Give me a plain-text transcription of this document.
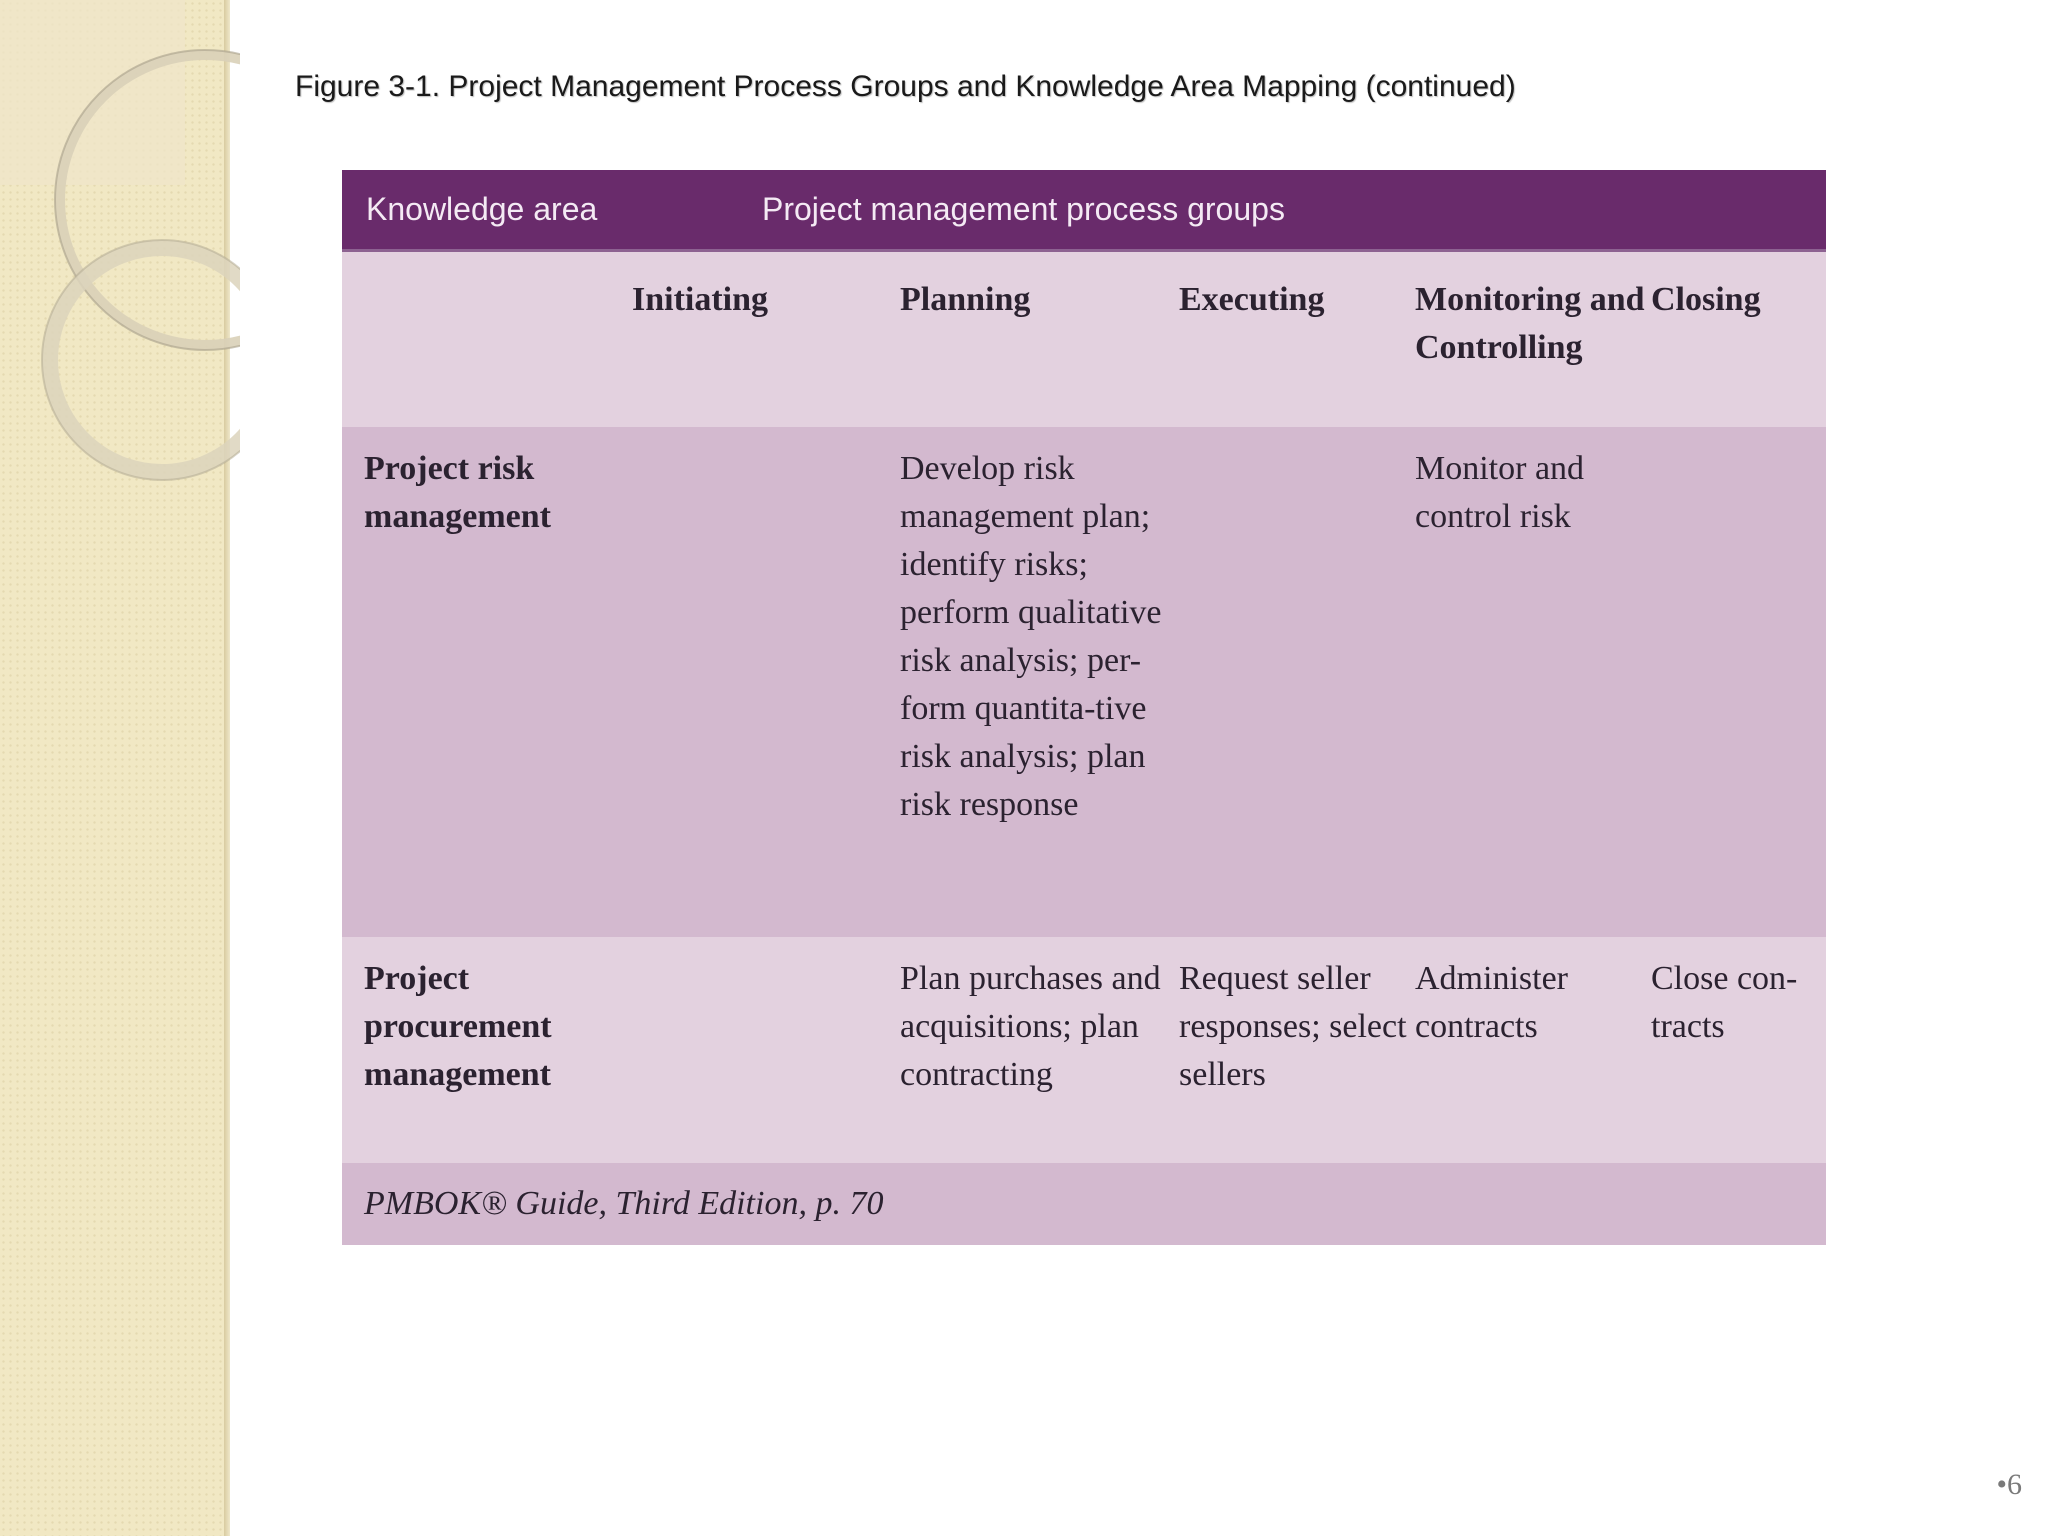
Figure 3-1. Project Management Process Groups and Knowledge Area Mapping (continued)
Knowledge area	Project management process groups				
	Initiating	Planning	Executing	Monitoring and Controlling	Closing
Project risk management		Develop risk management plan; identify risks; perform qualitative risk analysis; per-form quantita-tive risk analysis; plan risk response		Monitor and control risk	
Project procurement management		Plan purchases and acquisitions; plan contracting	Request seller responses; select sellers	Administer contracts	Close con-tracts
PMBOK® Guide, Third Edition, p. 70					
•6
